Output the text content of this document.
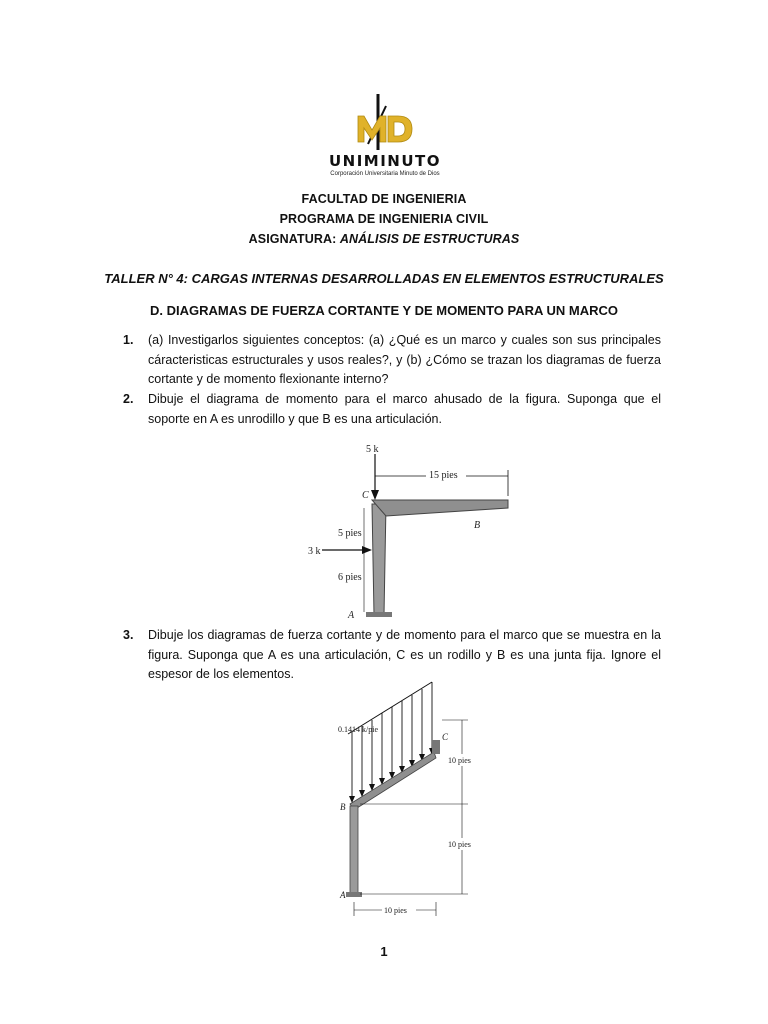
UNIMINUTO
Corporación Universitaria Minuto de Dios
FACULTAD DE INGENIERIA
PROGRAMA DE INGENIERIA CIVIL
ASIGNATURA: ANÁLISIS DE ESTRUCTURAS
TALLER N° 4: CARGAS INTERNAS DESARROLLADAS EN ELEMENTOS ESTRUCTURALES
D. DIAGRAMAS DE FUERZA CORTANTE Y DE MOMENTO PARA UN MARCO
1. (a) Investigarlos siguientes conceptos: (a) ¿Qué es un marco y cuales son sus principales
cáracteristicas estructurales y usos reales?, y (b) ¿Cómo se trazan los diagramas de fuerza
cortante y de momento flexionante interno?
2. Dibuje el diagrama de momento para el marco ahusado de la figura. Suponga que el
soporte en A es unrodillo y que B es una articulación.
5 k
15 pies
3 k
5 pies
6 pies
C
B
A
3. Dibuje los diagramas de fuerza cortante y de momento para el marco que se muestra en la
figura. Suponga que A es una articulación, C es un rodillo y B es una junta fija. Ignore el
espesor de los elementos.
0.1414 k/pie
10 pies
10 pies
10 pies
C
B
A
1
